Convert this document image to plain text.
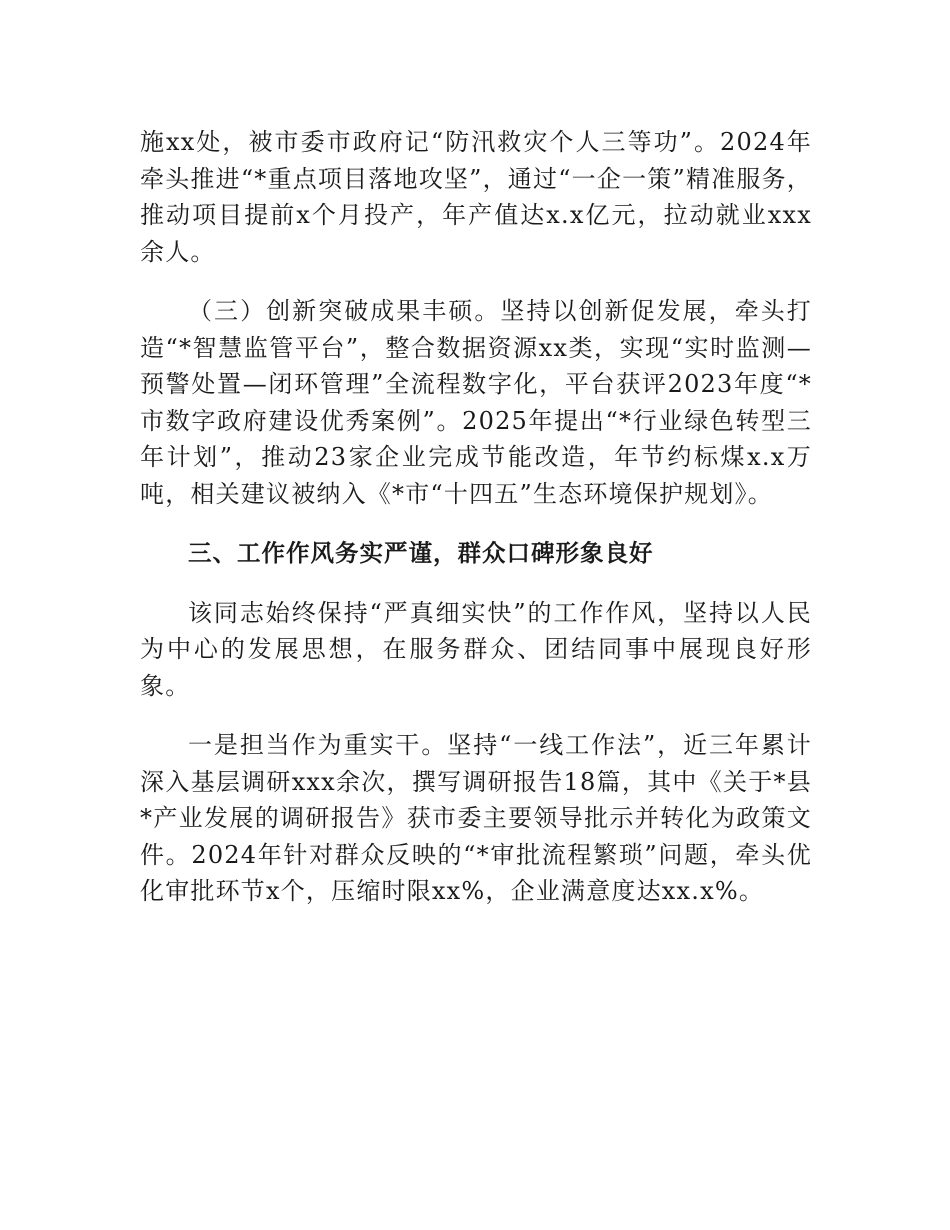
施xx处，被市委市政府记“防汛救灾个人三等功”。2024年牵头推进“*重点项目落地攻坚”，通过“一企一策”精准服务，推动项目提前x个月投产，年产值达x.x亿元，拉动就业xxx余人。

（三）创新突破成果丰硕。坚持以创新促发展，牵头打造“*智慧监管平台”，整合数据资源xx类，实现“实时监测—预警处置—闭环管理”全流程数字化，平台获评2023年度“*市数字政府建设优秀案例”。2025年提出“*行业绿色转型三年计划”，推动23家企业完成节能改造，年节约标煤x.x万吨，相关建议被纳入《*市“十四五”生态环境保护规划》。

三、工作作风务实严谨，群众口碑形象良好

该同志始终保持“严真细实快”的工作作风，坚持以人民为中心的发展思想，在服务群众、团结同事中展现良好形象。

一是担当作为重实干。坚持“一线工作法”，近三年累计深入基层调研xxx余次，撰写调研报告18篇，其中《关于*县*产业发展的调研报告》获市委主要领导批示并转化为政策文件。2024年针对群众反映的“*审批流程繁琐”问题，牵头优化审批环节x个，压缩时限xx%，企业满意度达xx.x%。
